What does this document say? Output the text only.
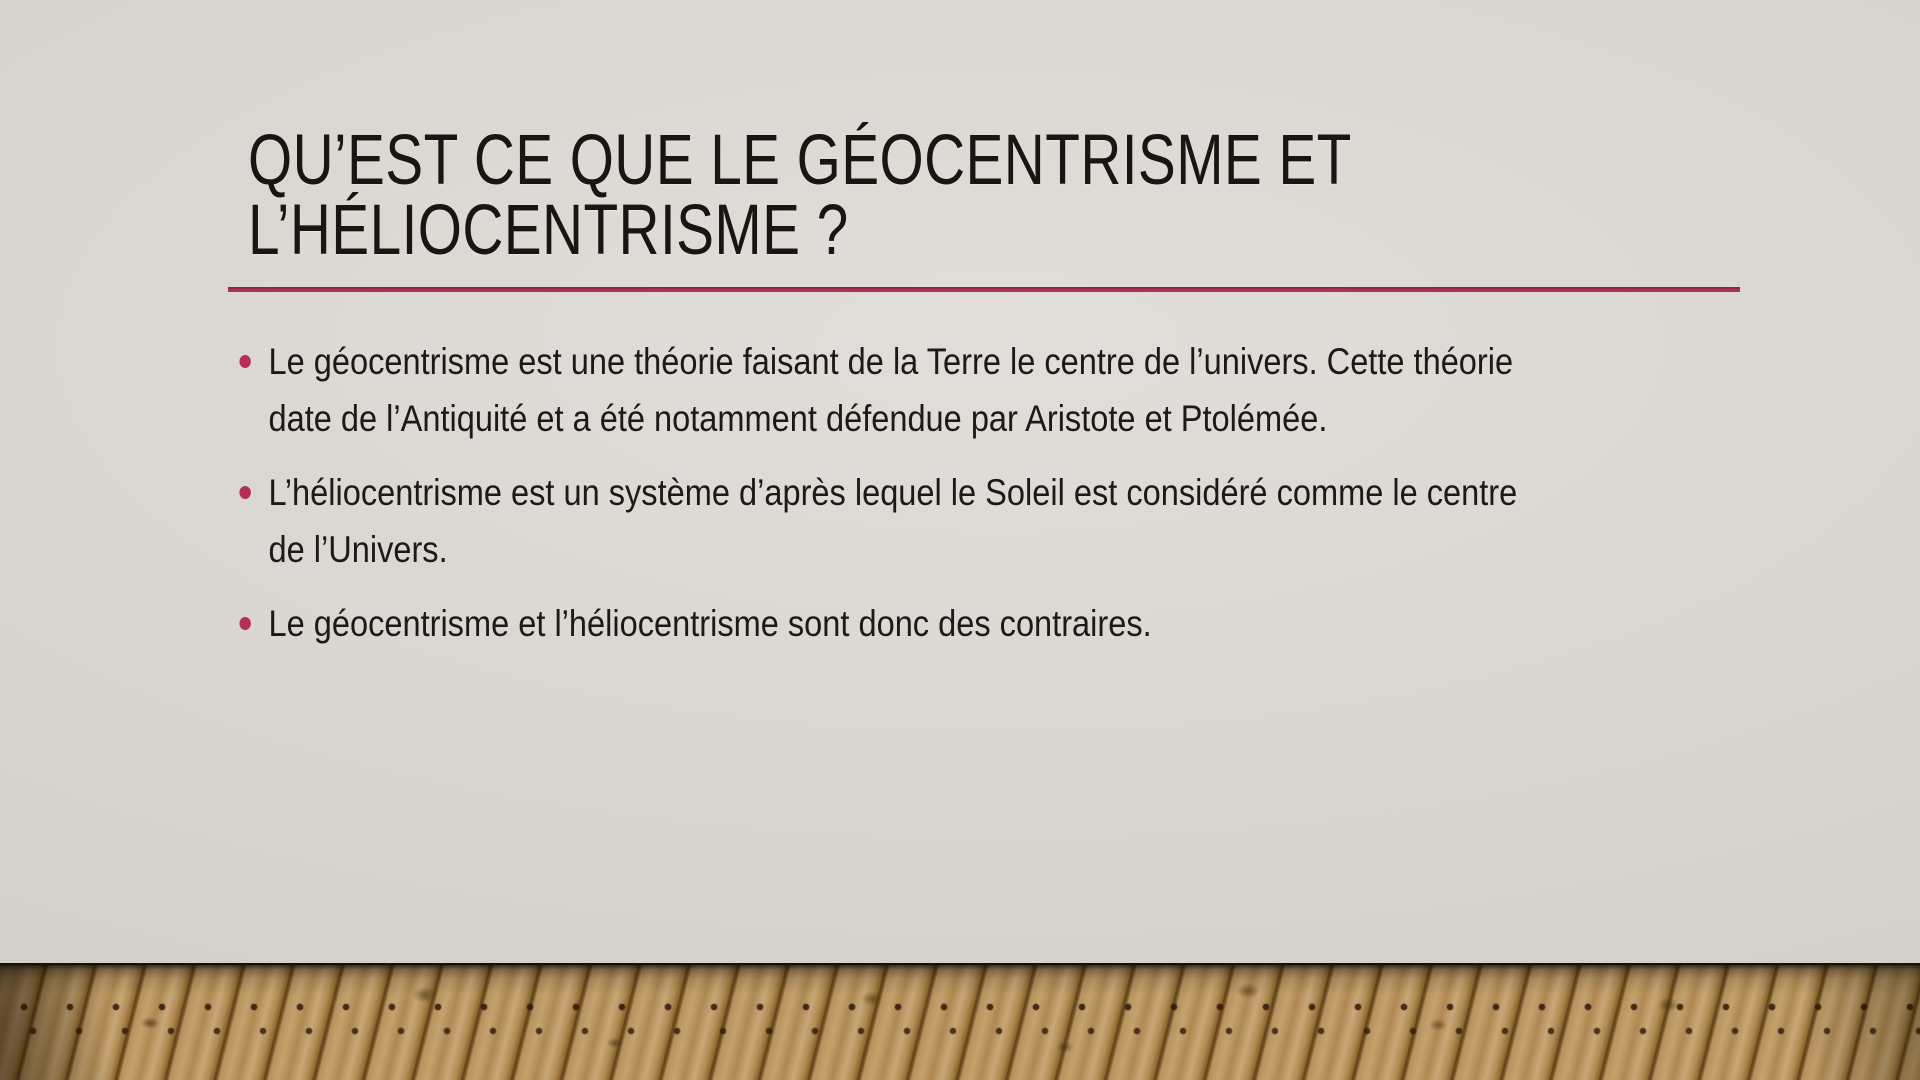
QU’EST CE QUE LE GÉOCENTRISME ET
L’HÉLIOCENTRISME ?
Le géocentrisme est une théorie faisant de la Terre le centre de l’univers. Cette théorie
date de l’Antiquité et a été notamment défendue par Aristote et Ptolémée.
L’héliocentrisme est un système d’après lequel le Soleil est considéré comme le centre
de l’Univers.
Le géocentrisme et l’héliocentrisme sont donc des contraires.
